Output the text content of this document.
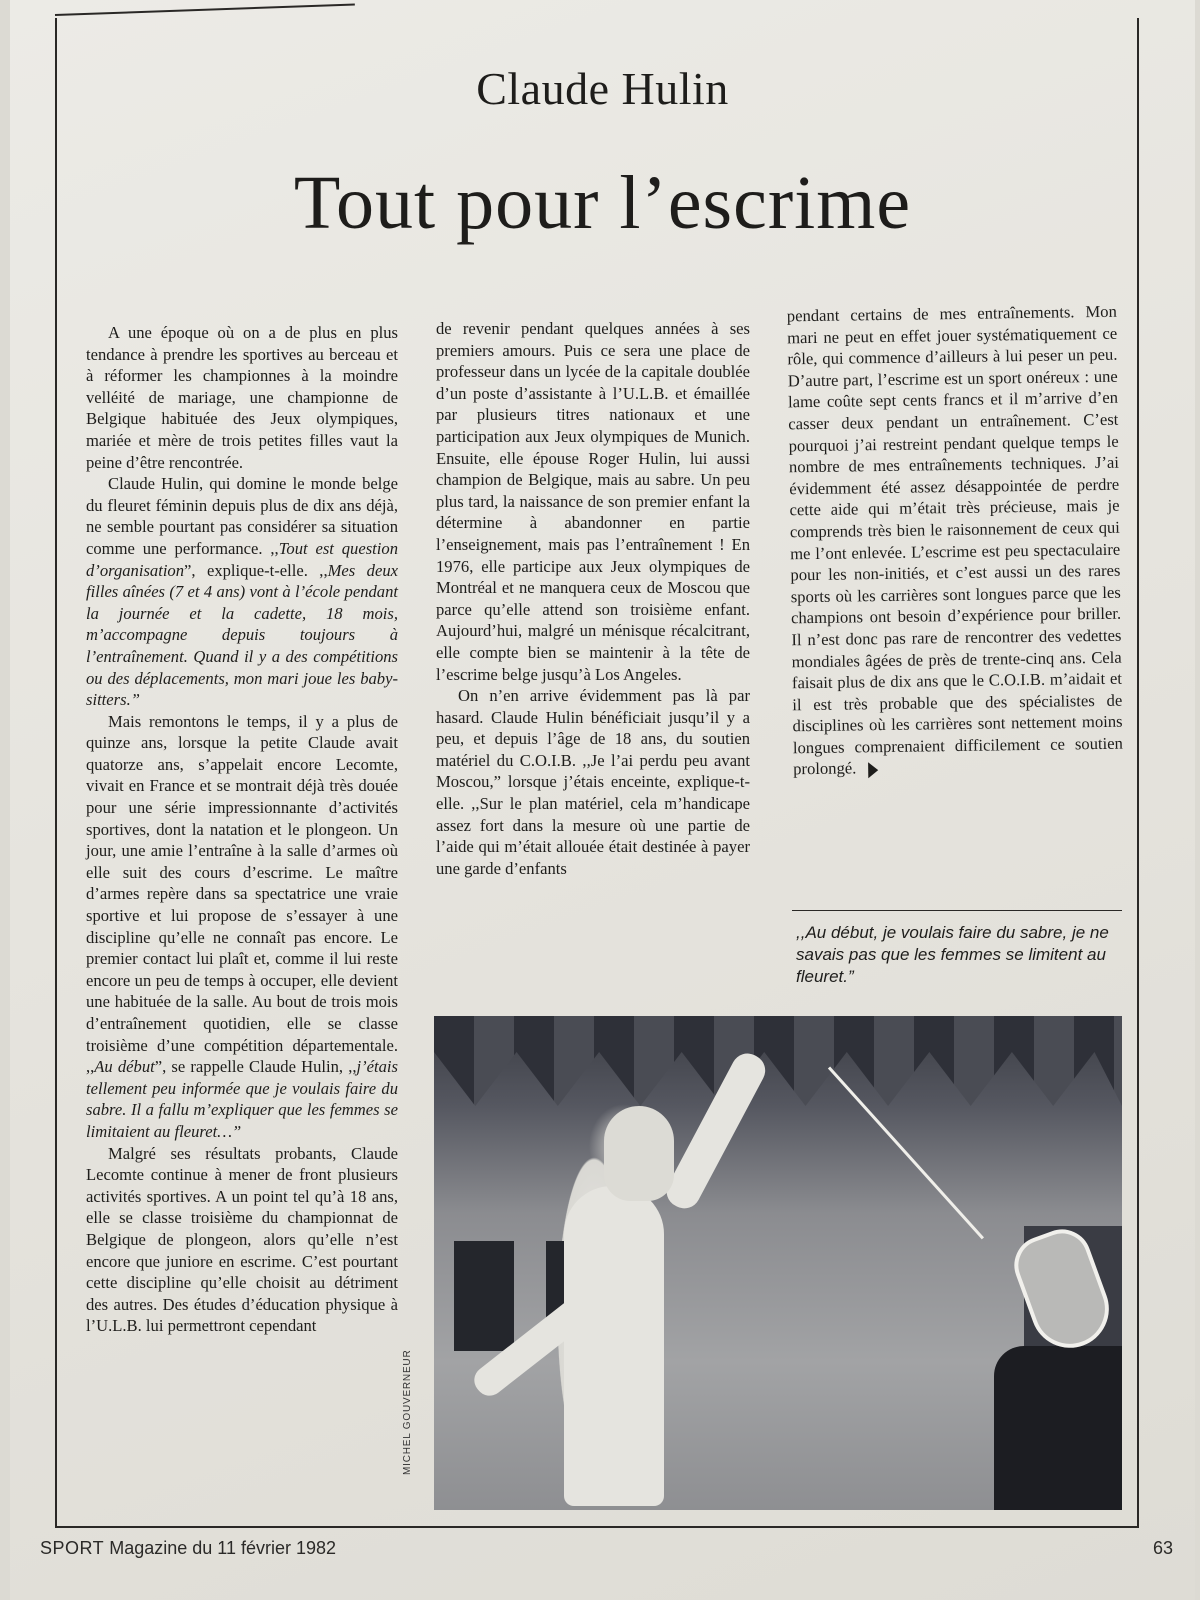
Claude Hulin
Tout pour l’escrime

A une époque où on a de plus en plus tendance à prendre les sportives au berceau et à réformer les championnes à la moindre velléité de mariage, une championne de Belgique habituée des Jeux olympiques, mariée et mère de trois petites filles vaut la peine d’être rencontrée.

Claude Hulin, qui domine le monde belge du fleuret féminin depuis plus de dix ans déjà, ne semble pourtant pas considérer sa situation comme une performance. ,,Tout est question d’organisation”, explique-t-elle. ,,Mes deux filles aînées (7 et 4 ans) vont à l’école pendant la journée et la cadette, 18 mois, m’accompagne depuis toujours à l’entraînement. Quand il y a des compétitions ou des déplacements, mon mari joue les baby-sitters.”

Mais remontons le temps, il y a plus de quinze ans, lorsque la petite Claude avait quatorze ans, s’appelait encore Lecomte, vivait en France et se montrait déjà très douée pour une série impressionnante d’activités sportives, dont la natation et le plongeon. Un jour, une amie l’entraîne à la salle d’armes où elle suit des cours d’escrime. Le maître d’armes repère dans sa spectatrice une vraie sportive et lui propose de s’essayer à une discipline qu’elle ne connaît pas encore. Le premier contact lui plaît et, comme il lui reste encore un peu de temps à occuper, elle devient une habituée de la salle. Au bout de trois mois d’entraînement quotidien, elle se classe troisième d’une compétition départementale. ,,Au début”, se rappelle Claude Hulin, ,,j’étais tellement peu informée que je voulais faire du sabre. Il a fallu m’expliquer que les femmes se limitaient au fleuret…”

Malgré ses résultats probants, Claude Lecomte continue à mener de front plusieurs activités sportives. A un point tel qu’à 18 ans, elle se classe troisième du championnat de Belgique de plongeon, alors qu’elle n’est encore que juniore en escrime. C’est pourtant cette discipline qu’elle choisit au détriment des autres. Des études d’éducation physique à l’U.L.B. lui permettront cependant

de revenir pendant quelques années à ses premiers amours. Puis ce sera une place de professeur dans un lycée de la capitale doublée d’un poste d’assistante à l’U.L.B. et émaillée par plusieurs titres nationaux et une participation aux Jeux olympiques de Munich. Ensuite, elle épouse Roger Hulin, lui aussi champion de Belgique, mais au sabre. Un peu plus tard, la naissance de son premier enfant la détermine à abandonner en partie l’enseignement, mais pas l’entraînement ! En 1976, elle participe aux Jeux olympiques de Montréal et ne manquera ceux de Moscou que parce qu’elle attend son troisième enfant. Aujourd’hui, malgré un ménisque récalcitrant, elle compte bien se maintenir à la tête de l’escrime belge jusqu’à Los Angeles.

On n’en arrive évidemment pas là par hasard. Claude Hulin bénéficiait jusqu’il y a peu, et depuis l’âge de 18 ans, du soutien matériel du C.O.I.B. ,,Je l’ai perdu peu avant Moscou,” lorsque j’étais enceinte, explique-t-elle. ,,Sur le plan matériel, cela m’handicape assez fort dans la mesure où une partie de l’aide qui m’était allouée était destinée à payer une garde d’enfants

pendant certains de mes entraînements. Mon mari ne peut en effet jouer systématiquement ce rôle, qui commence d’ailleurs à lui peser un peu. D’autre part, l’escrime est un sport onéreux : une lame coûte sept cents francs et il m’arrive d’en casser deux pendant un entraînement. C’est pourquoi j’ai restreint pendant quelque temps le nombre de mes entraînements techniques. J’ai évidemment été assez désappointée de perdre cette aide qui m’était très précieuse, mais je comprends très bien le raisonnement de ceux qui me l’ont enlevée. L’escrime est peu spectaculaire pour les non-initiés, et c’est aussi un des rares sports où les carrières sont longues parce que les champions ont besoin d’expérience pour briller. Il n’est donc pas rare de rencontrer des vedettes mondiales âgées de près de trente-cinq ans. Cela faisait plus de dix ans que le C.O.I.B. m’aidait et il est très probable que des spécialistes de disciplines où les carrières sont nettement moins longues comprenaient difficilement ce soutien prolongé.

,,Au début, je voulais faire du sabre, je ne savais pas que les femmes se limitent au fleuret.”
MICHEL GOUVERNEUR
SPORT Magazine du 11 février 1982	63
